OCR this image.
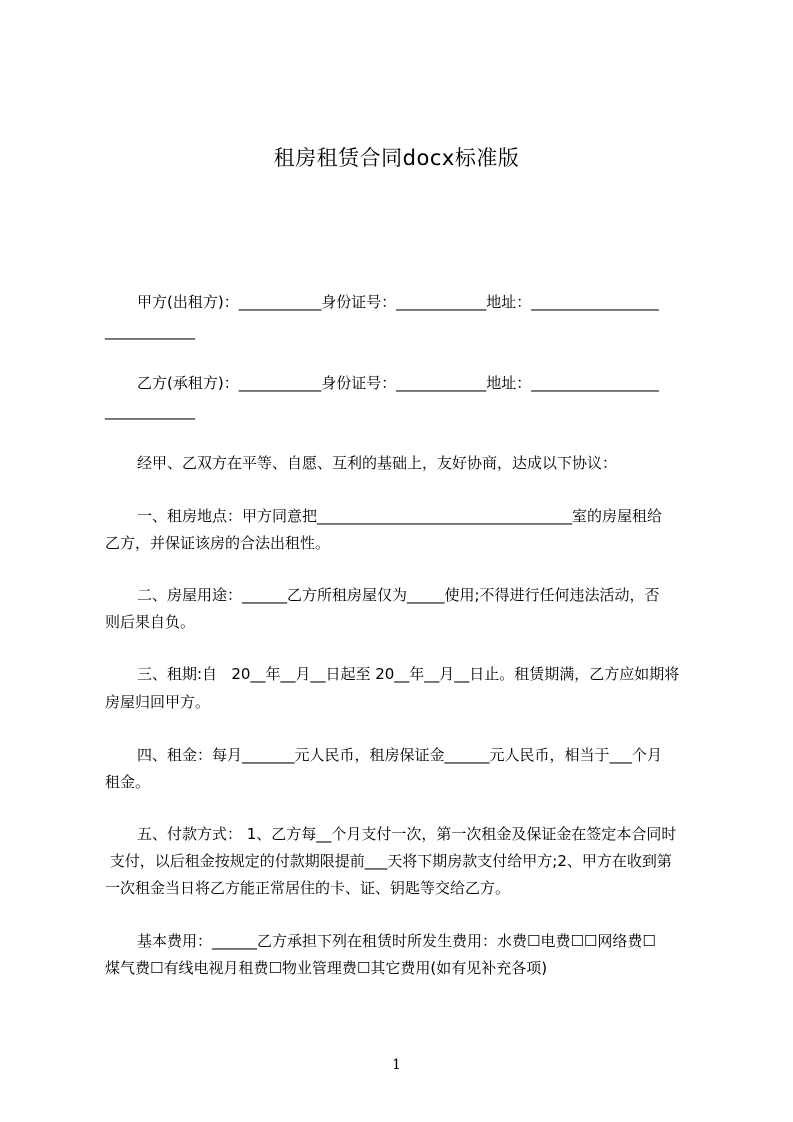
租房租赁合同docx标准版
甲方(出租方)：___________身份证号：____________地址：_________________
____________
乙方(承租方)：___________身份证号：____________地址：_________________
____________
经甲、乙双方在平等、自愿、互利的基础上，友好协商，达成以下协议：
一、租房地点：甲方同意把__________________________________室的房屋租给
乙方，并保证该房的合法出租性。
二、房屋用途：______乙方所租房屋仅为_____使用;不得进行任何违法活动，否
则后果自负。
三、租期:自   20__年__月__日起至 20__年__月__日止。租赁期满，乙方应如期将
房屋归回甲方。
四、租金：每月_______元人民币，租房保证金______元人民币，相当于___个月
租金。
五、付款方式： 1、乙方每__个月支付一次，第一次租金及保证金在签定本合同时
支付，以后租金按规定的付款期限提前___天将下期房款支付给甲方;2、甲方在收到第
一次租金当日将乙方能正常居住的卡、证、钥匙等交给乙方。
基本费用：______乙方承担下列在租赁时所发生费用：水费☐电费☐☐网络费☐
煤气费☐有线电视月租费☐物业管理费☐其它费用(如有见补充各项)
1
